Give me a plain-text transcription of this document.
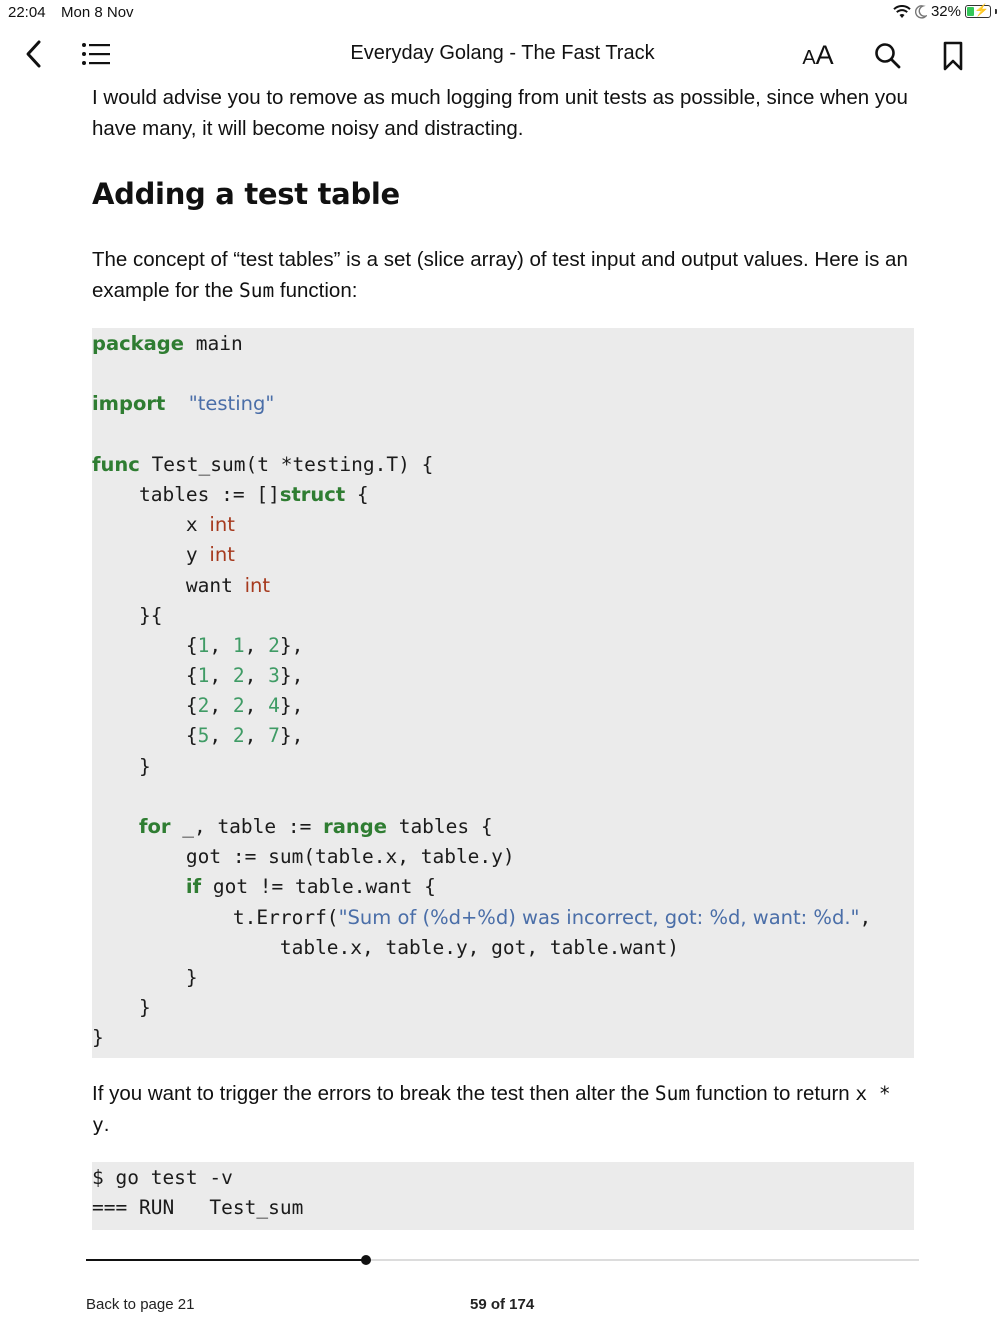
22:04 Mon 8 Nov	32% ⚡
Everyday Golang - The Fast Track	AA

I would advise you to remove as much logging from unit tests as possible, since when you have many, it will become noisy and distracting.

Adding a test table

The concept of “test tables” is a set (slice array) of test input and output values. Here is an example for the Sum function:

package main

import "testing"

func Test_sum(t *testing.T) {
tables := []struct {
x int
y int
want int
}{
{1, 1, 2},
{1, 2, 3},
{2, 2, 4},
{5, 2, 7},
}

for _, table := range tables {
got := sum(table.x, table.y)
if got != table.want {
t.Errorf("Sum of (%d+%d) was incorrect, got: %d, want: %d.",
table.x, table.y, got, table.want)
}
}
}

If you want to trigger the errors to break the test then alter the Sum function to return x * y.

$ go test -v
=== RUN   Test_sum
Back to page 21	59 of 174
